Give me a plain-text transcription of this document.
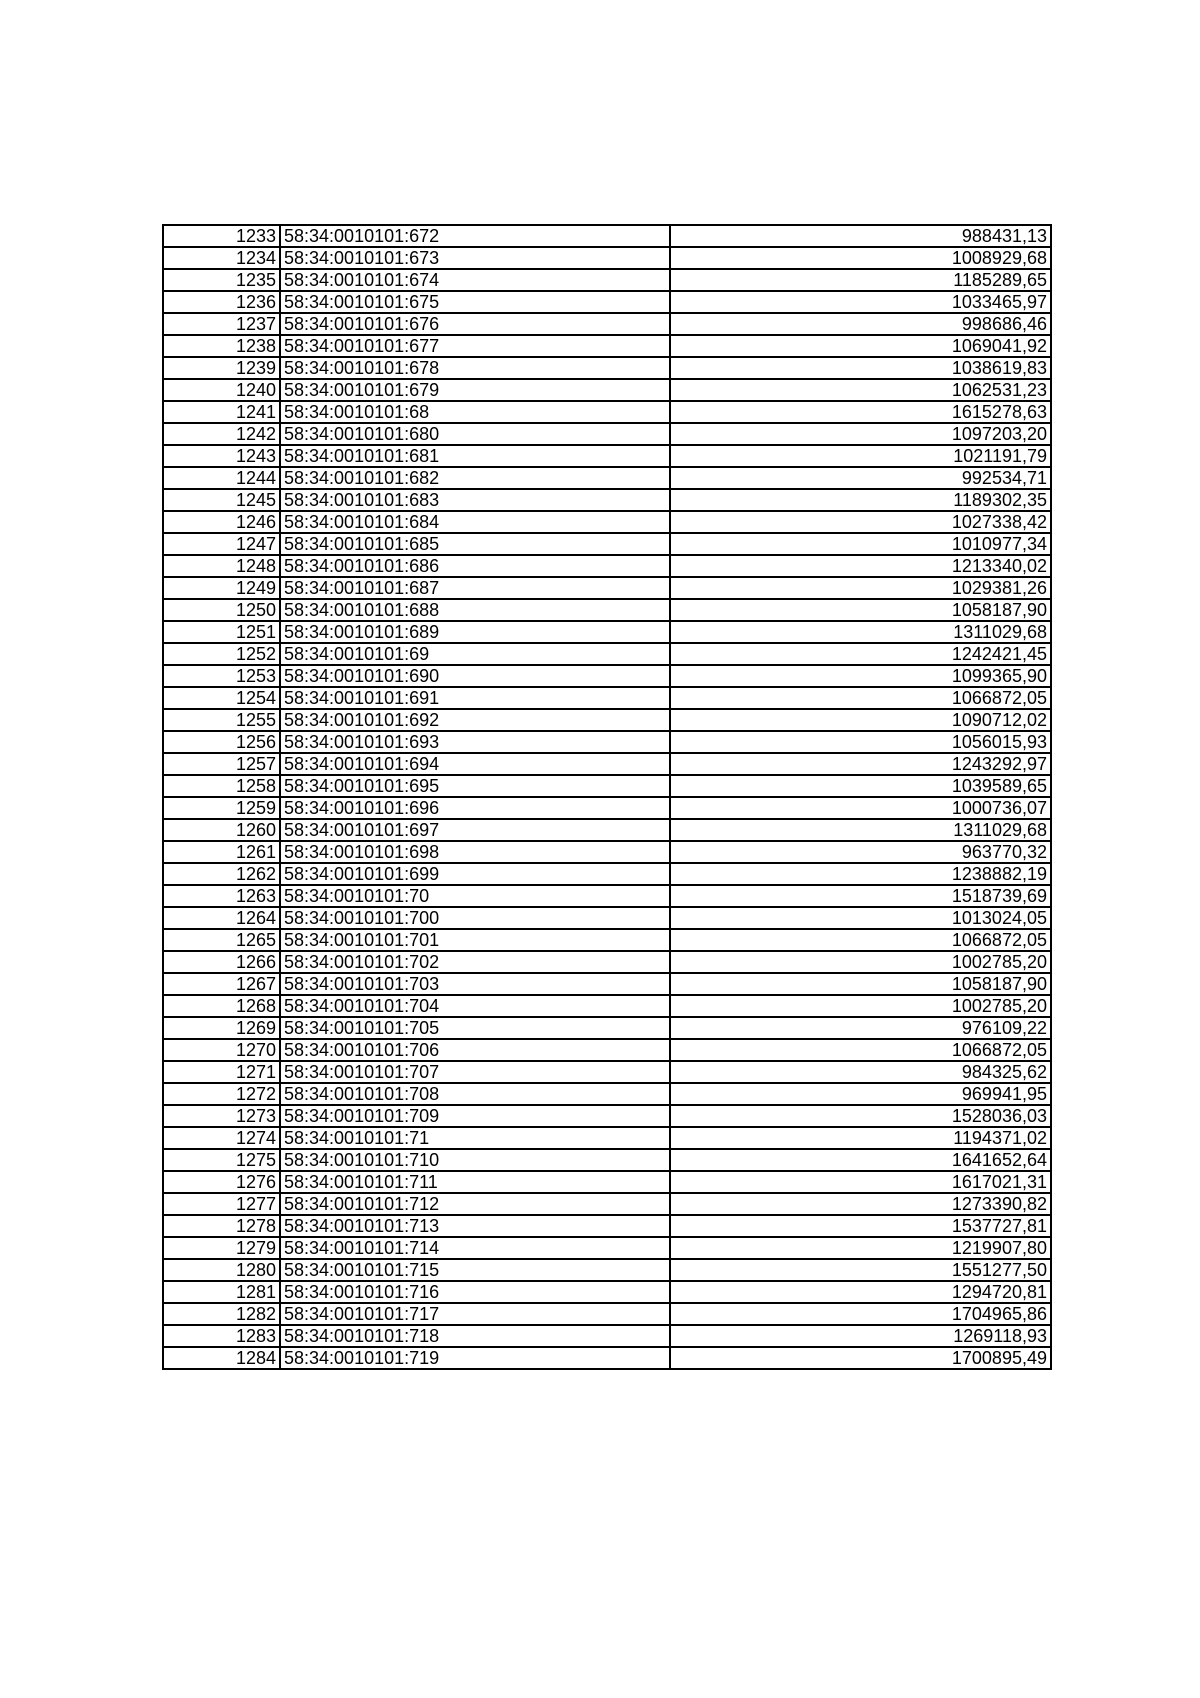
1233	58:34:0010101:672	988431,13
1234	58:34:0010101:673	1008929,68
1235	58:34:0010101:674	1185289,65
1236	58:34:0010101:675	1033465,97
1237	58:34:0010101:676	998686,46
1238	58:34:0010101:677	1069041,92
1239	58:34:0010101:678	1038619,83
1240	58:34:0010101:679	1062531,23
1241	58:34:0010101:68	1615278,63
1242	58:34:0010101:680	1097203,20
1243	58:34:0010101:681	1021191,79
1244	58:34:0010101:682	992534,71
1245	58:34:0010101:683	1189302,35
1246	58:34:0010101:684	1027338,42
1247	58:34:0010101:685	1010977,34
1248	58:34:0010101:686	1213340,02
1249	58:34:0010101:687	1029381,26
1250	58:34:0010101:688	1058187,90
1251	58:34:0010101:689	1311029,68
1252	58:34:0010101:69	1242421,45
1253	58:34:0010101:690	1099365,90
1254	58:34:0010101:691	1066872,05
1255	58:34:0010101:692	1090712,02
1256	58:34:0010101:693	1056015,93
1257	58:34:0010101:694	1243292,97
1258	58:34:0010101:695	1039589,65
1259	58:34:0010101:696	1000736,07
1260	58:34:0010101:697	1311029,68
1261	58:34:0010101:698	963770,32
1262	58:34:0010101:699	1238882,19
1263	58:34:0010101:70	1518739,69
1264	58:34:0010101:700	1013024,05
1265	58:34:0010101:701	1066872,05
1266	58:34:0010101:702	1002785,20
1267	58:34:0010101:703	1058187,90
1268	58:34:0010101:704	1002785,20
1269	58:34:0010101:705	976109,22
1270	58:34:0010101:706	1066872,05
1271	58:34:0010101:707	984325,62
1272	58:34:0010101:708	969941,95
1273	58:34:0010101:709	1528036,03
1274	58:34:0010101:71	1194371,02
1275	58:34:0010101:710	1641652,64
1276	58:34:0010101:711	1617021,31
1277	58:34:0010101:712	1273390,82
1278	58:34:0010101:713	1537727,81
1279	58:34:0010101:714	1219907,80
1280	58:34:0010101:715	1551277,50
1281	58:34:0010101:716	1294720,81
1282	58:34:0010101:717	1704965,86
1283	58:34:0010101:718	1269118,93
1284	58:34:0010101:719	1700895,49
